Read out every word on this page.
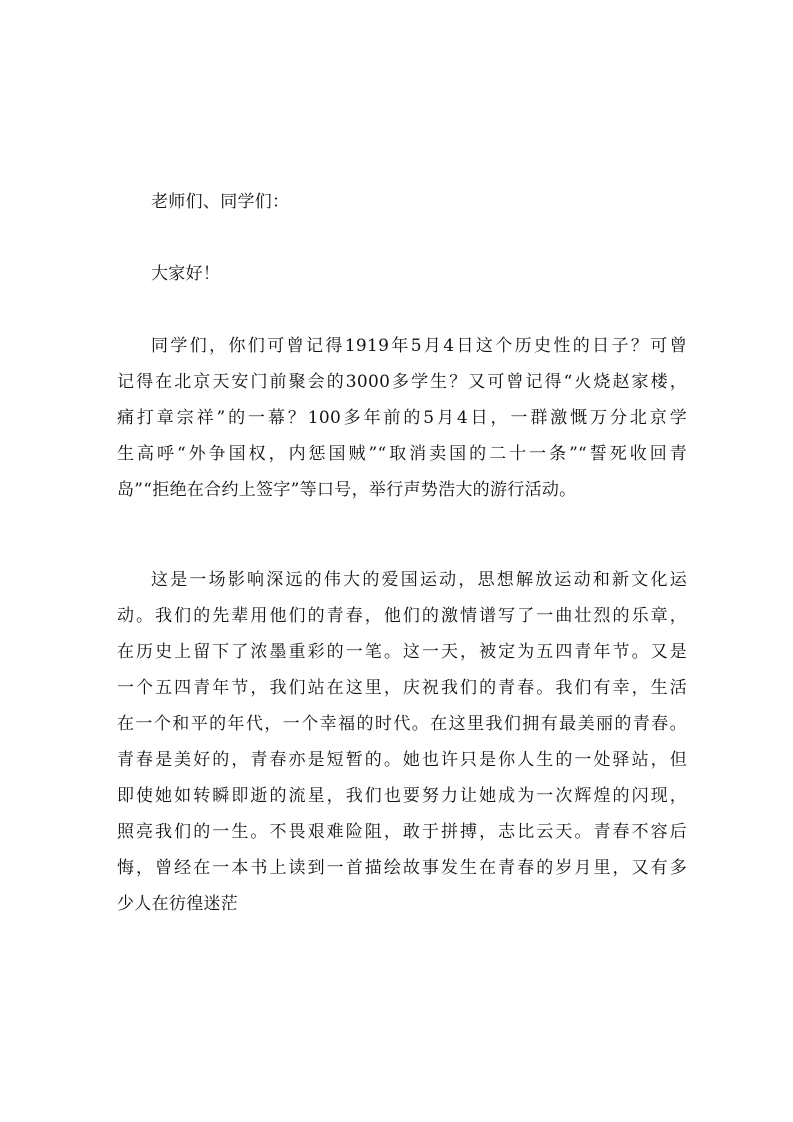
老师们、同学们：
大家好！
同学们，你们可曾记得1919年5月4日这个历史性的日子？可曾
记得在北京天安门前聚会的3000多学生？又可曾记得“火烧赵家楼，
痛打章宗祥”的一幕？100多年前的5月4日，一群激慨万分北京学
生高呼“外争国权，内惩国贼”“取消卖国的二十一条”“誓死收回青
岛”“拒绝在合约上签字”等口号，举行声势浩大的游行活动。
这是一场影响深远的伟大的爱国运动，思想解放运动和新文化运
动。我们的先辈用他们的青春，他们的激情谱写了一曲壮烈的乐章，
在历史上留下了浓墨重彩的一笔。这一天，被定为五四青年节。又是
一个五四青年节，我们站在这里，庆祝我们的青春。我们有幸，生活
在一个和平的年代，一个幸福的时代。在这里我们拥有最美丽的青春。
青春是美好的，青春亦是短暂的。她也许只是你人生的一处驿站，但
即使她如转瞬即逝的流星，我们也要努力让她成为一次辉煌的闪现，
照亮我们的一生。不畏艰难险阻，敢于拼搏，志比云天。青春不容后
悔，曾经在一本书上读到一首描绘故事发生在青春的岁月里，又有多
少人在彷徨迷茫
